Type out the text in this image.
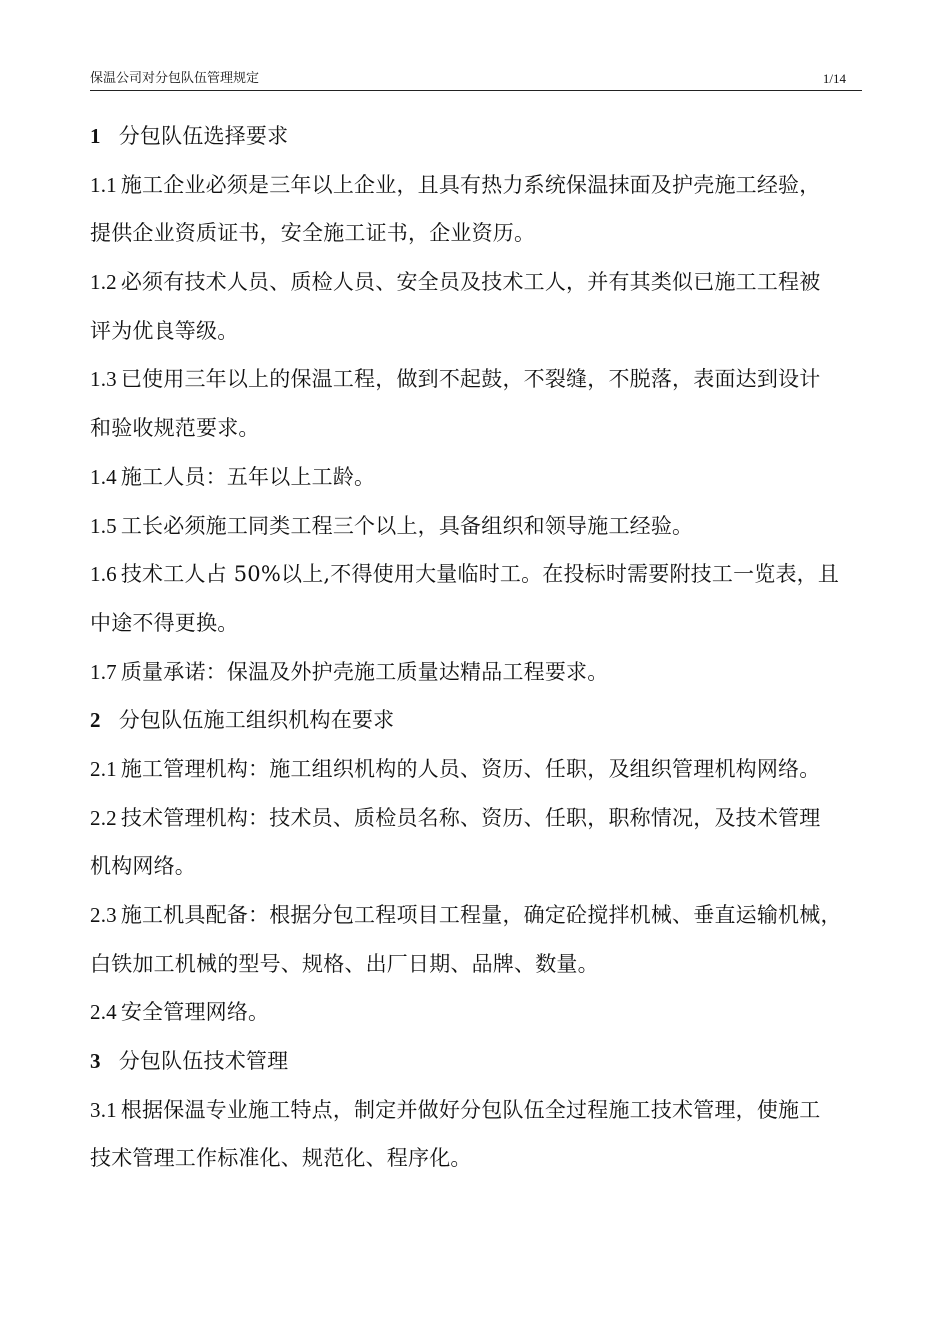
保温公司对分包队伍管理规定	1/14
1 分包队伍选择要求
1.1 施工企业必须是三年以上企业，且具有热力系统保温抹面及护壳施工经验，
提供企业资质证书，安全施工证书，企业资历。
1.2 必须有技术人员、质检人员、安全员及技术工人，并有其类似已施工工程被
评为优良等级。
1.3 已使用三年以上的保温工程，做到不起鼓，不裂缝，不脱落，表面达到设计
和验收规范要求。
1.4 施工人员：五年以上工龄。
1.5 工长必须施工同类工程三个以上，具备组织和领导施工经验。
1.6 技术工人占 50%以上,不得使用大量临时工。在投标时需要附技工一览表，且
中途不得更换。
1.7 质量承诺：保温及外护壳施工质量达精品工程要求。
2 分包队伍施工组织机构在要求
2.1 施工管理机构：施工组织机构的人员、资历、任职，及组织管理机构网络。
2.2 技术管理机构：技术员、质检员名称、资历、任职，职称情况，及技术管理
机构网络。
2.3 施工机具配备：根据分包工程项目工程量，确定砼搅拌机械、垂直运输机械，
白铁加工机械的型号、规格、出厂日期、品牌、数量。
2.4 安全管理网络。
3 分包队伍技术管理
3.1 根据保温专业施工特点，制定并做好分包队伍全过程施工技术管理，使施工
技术管理工作标准化、规范化、程序化。
